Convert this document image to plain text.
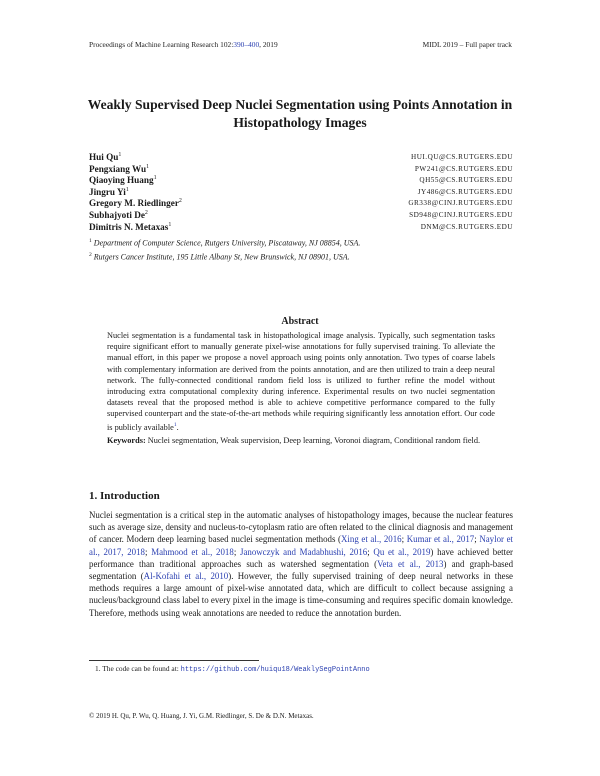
Proceedings of Machine Learning Research 102:390–400, 2019	MIDL 2019 – Full paper track
Weakly Supervised Deep Nuclei Segmentation using Points Annotation in Histopathology Images
Hui Qu$^1$	HUI.QU@CS.RUTGERS.EDU
Pengxiang Wu$^1$	PW241@CS.RUTGERS.EDU
Qiaoying Huang$^1$	QH55@CS.RUTGERS.EDU
Jingru Yi$^1$	JY486@CS.RUTGERS.EDU
Gregory M. Riedlinger$^2$	GR338@CINJ.RUTGERS.EDU
Subhajyoti De$^2$	SD948@CINJ.RUTGERS.EDU
Dimitris N. Metaxas$^1$	DNM@CS.RUTGERS.EDU
$^1$ Department of Computer Science, Rutgers University, Piscataway, NJ 08854, USA.
$^2$ Rutgers Cancer Institute, 195 Little Albany St, New Brunswick, NJ 08901, USA.
Abstract

Nuclei segmentation is a fundamental task in histopathological image analysis. Typically, such segmentation tasks require significant effort to manually generate pixel-wise annotations for fully supervised training. To alleviate the manual effort, in this paper we propose a novel approach using points only annotation. Two types of coarse labels with complementary information are derived from the points annotation, and are then utilized to train a deep neural network. The fully-connected conditional random field loss is utilized to further refine the model without introducing extra computational complexity during inference. Experimental results on two nuclei segmentation datasets reveal that the proposed method is able to achieve competitive performance compared to the fully supervised counterpart and the state-of-the-art methods while requiring significantly less annotation effort. Our code is publicly available$^1$.

Keywords: Nuclei segmentation, Weak supervision, Deep learning, Voronoi diagram, Conditional random field.

1. Introduction

Nuclei segmentation is a critical step in the automatic analyses of histopathology images, because the nuclear features such as average size, density and nucleus-to-cytoplasm ratio are often related to the clinical diagnosis and management of cancer. Modern deep learning based nuclei segmentation methods (Xing et al., 2016; Kumar et al., 2017; Naylor et al., 2017, 2018; Mahmood et al., 2018; Janowczyk and Madabhushi, 2016; Qu et al., 2019) have achieved better performance than traditional approaches such as watershed segmentation (Veta et al., 2013) and graph-based segmentation (Al-Kofahi et al., 2010). However, the fully supervised training of deep neural networks in these methods requires a large amount of pixel-wise annotated data, which are difficult to collect because assigning a nucleus/background class label to every pixel in the image is time-consuming and requires specific domain knowledge. Therefore, methods using weak annotations are needed to reduce the annotation burden.

1. The code can be found at: https://github.com/huiqu18/WeaklySegPointAnno
© 2019 H. Qu, P. Wu, Q. Huang, J. Yi, G.M. Riedlinger, S. De & D.N. Metaxas.
